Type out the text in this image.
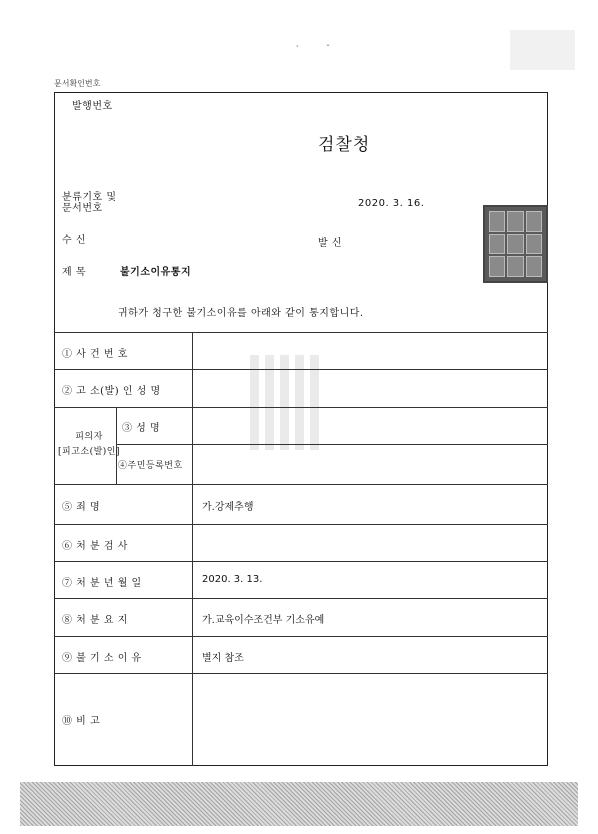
·	˘
문서확인번호
발행번호
검찰청
분류기호 및
문서번호	2020. 3. 16.
수 신	발 신
제 목	불기소이유통지
귀하가 청구한 불기소이유를 아래와 같이 통지합니다.
① 사 건 번 호
② 고 소(발) 인 성 명
피의자
[피고소(발)인]
③ 성 명
④주민등록번호
⑤ 죄 명	가.강제추행
⑥ 처 분 검 사
⑦ 처 분 년 월 일	2020. 3. 13.
⑧ 처 분 요 지	가.교육이수조건부 기소유예
⑨ 불 기 소 이 유	별지 참조
⑩ 비 고
